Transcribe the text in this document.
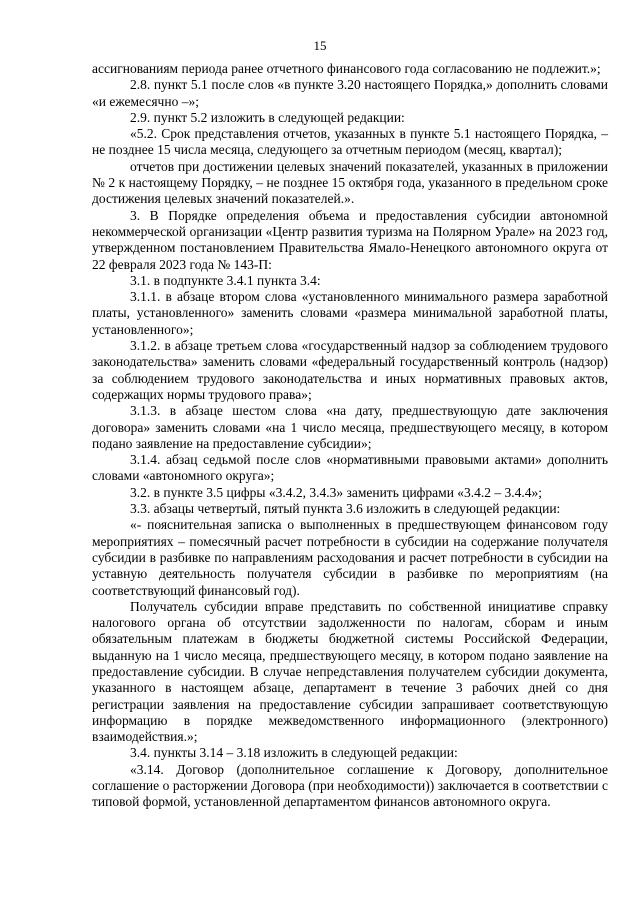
15

ассигнованиям периода ранее отчетного финансового года согласованию не подлежит.»;

2.8. пункт 5.1 после слов «в пункте 3.20 настоящего Порядка,» дополнить словами «и ежемесячно –»;

2.9. пункт 5.2 изложить в следующей редакции:

«5.2. Срок представления отчетов, указанных в пункте 5.1 настоящего Порядка, – не позднее 15 числа месяца, следующего за отчетным периодом (месяц, квартал);

отчетов при достижении целевых значений показателей, указанных в приложении № 2 к настоящему Порядку, – не позднее 15 октября года, указанного в предельном сроке достижения целевых значений показателей.».

3. В Порядке определения объема и предоставления субсидии автономной некоммерческой организации «Центр развития туризма на Полярном Урале» на 2023 год, утвержденном постановлением Правительства Ямало-Ненецкого автономного округа от 22 февраля 2023 года № 143-П:

3.1. в подпункте 3.4.1 пункта 3.4:

3.1.1. в абзаце втором слова «установленного минимального размера заработной платы, установленного» заменить словами «размера минимальной заработной платы, установленного»;

3.1.2. в абзаце третьем слова «государственный надзор за соблюдением трудового законодательства» заменить словами «федеральный государственный контроль (надзор) за соблюдением трудового законодательства и иных нормативных правовых актов, содержащих нормы трудового права»;

3.1.3. в абзаце шестом слова «на дату, предшествующую дате заключения договора» заменить словами «на 1 число месяца, предшествующего месяцу, в котором подано заявление на предоставление субсидии»;

3.1.4. абзац седьмой после слов «нормативными правовыми актами» дополнить словами «автономного округа»;

3.2. в пункте 3.5 цифры «3.4.2, 3.4.3» заменить цифрами «3.4.2 – 3.4.4»;

3.3. абзацы четвертый, пятый пункта 3.6 изложить в следующей редакции:

«- пояснительная записка о выполненных в предшествующем финансовом году мероприятиях – помесячный расчет потребности в субсидии на содержание получателя субсидии в разбивке по направлениям расходования и расчет потребности в субсидии на уставную деятельность получателя субсидии в разбивке по мероприятиям (на соответствующий финансовый год).

Получатель субсидии вправе представить по собственной инициативе справку налогового органа об отсутствии задолженности по налогам, сборам и иным обязательным платежам в бюджеты бюджетной системы Российской Федерации, выданную на 1 число месяца, предшествующего месяцу, в котором подано заявление на предоставление субсидии. В случае непредставления получателем субсидии документа, указанного в настоящем абзаце, департамент в течение 3 рабочих дней со дня регистрации заявления на предоставление субсидии запрашивает соответствующую информацию в порядке межведомственного информационного (электронного) взаимодействия.»;

3.4. пункты 3.14 – 3.18 изложить в следующей редакции:

«3.14. Договор (дополнительное соглашение к Договору, дополнительное соглашение о расторжении Договора (при необходимости)) заключается в соответствии с типовой формой, установленной департаментом финансов автономного округа.
